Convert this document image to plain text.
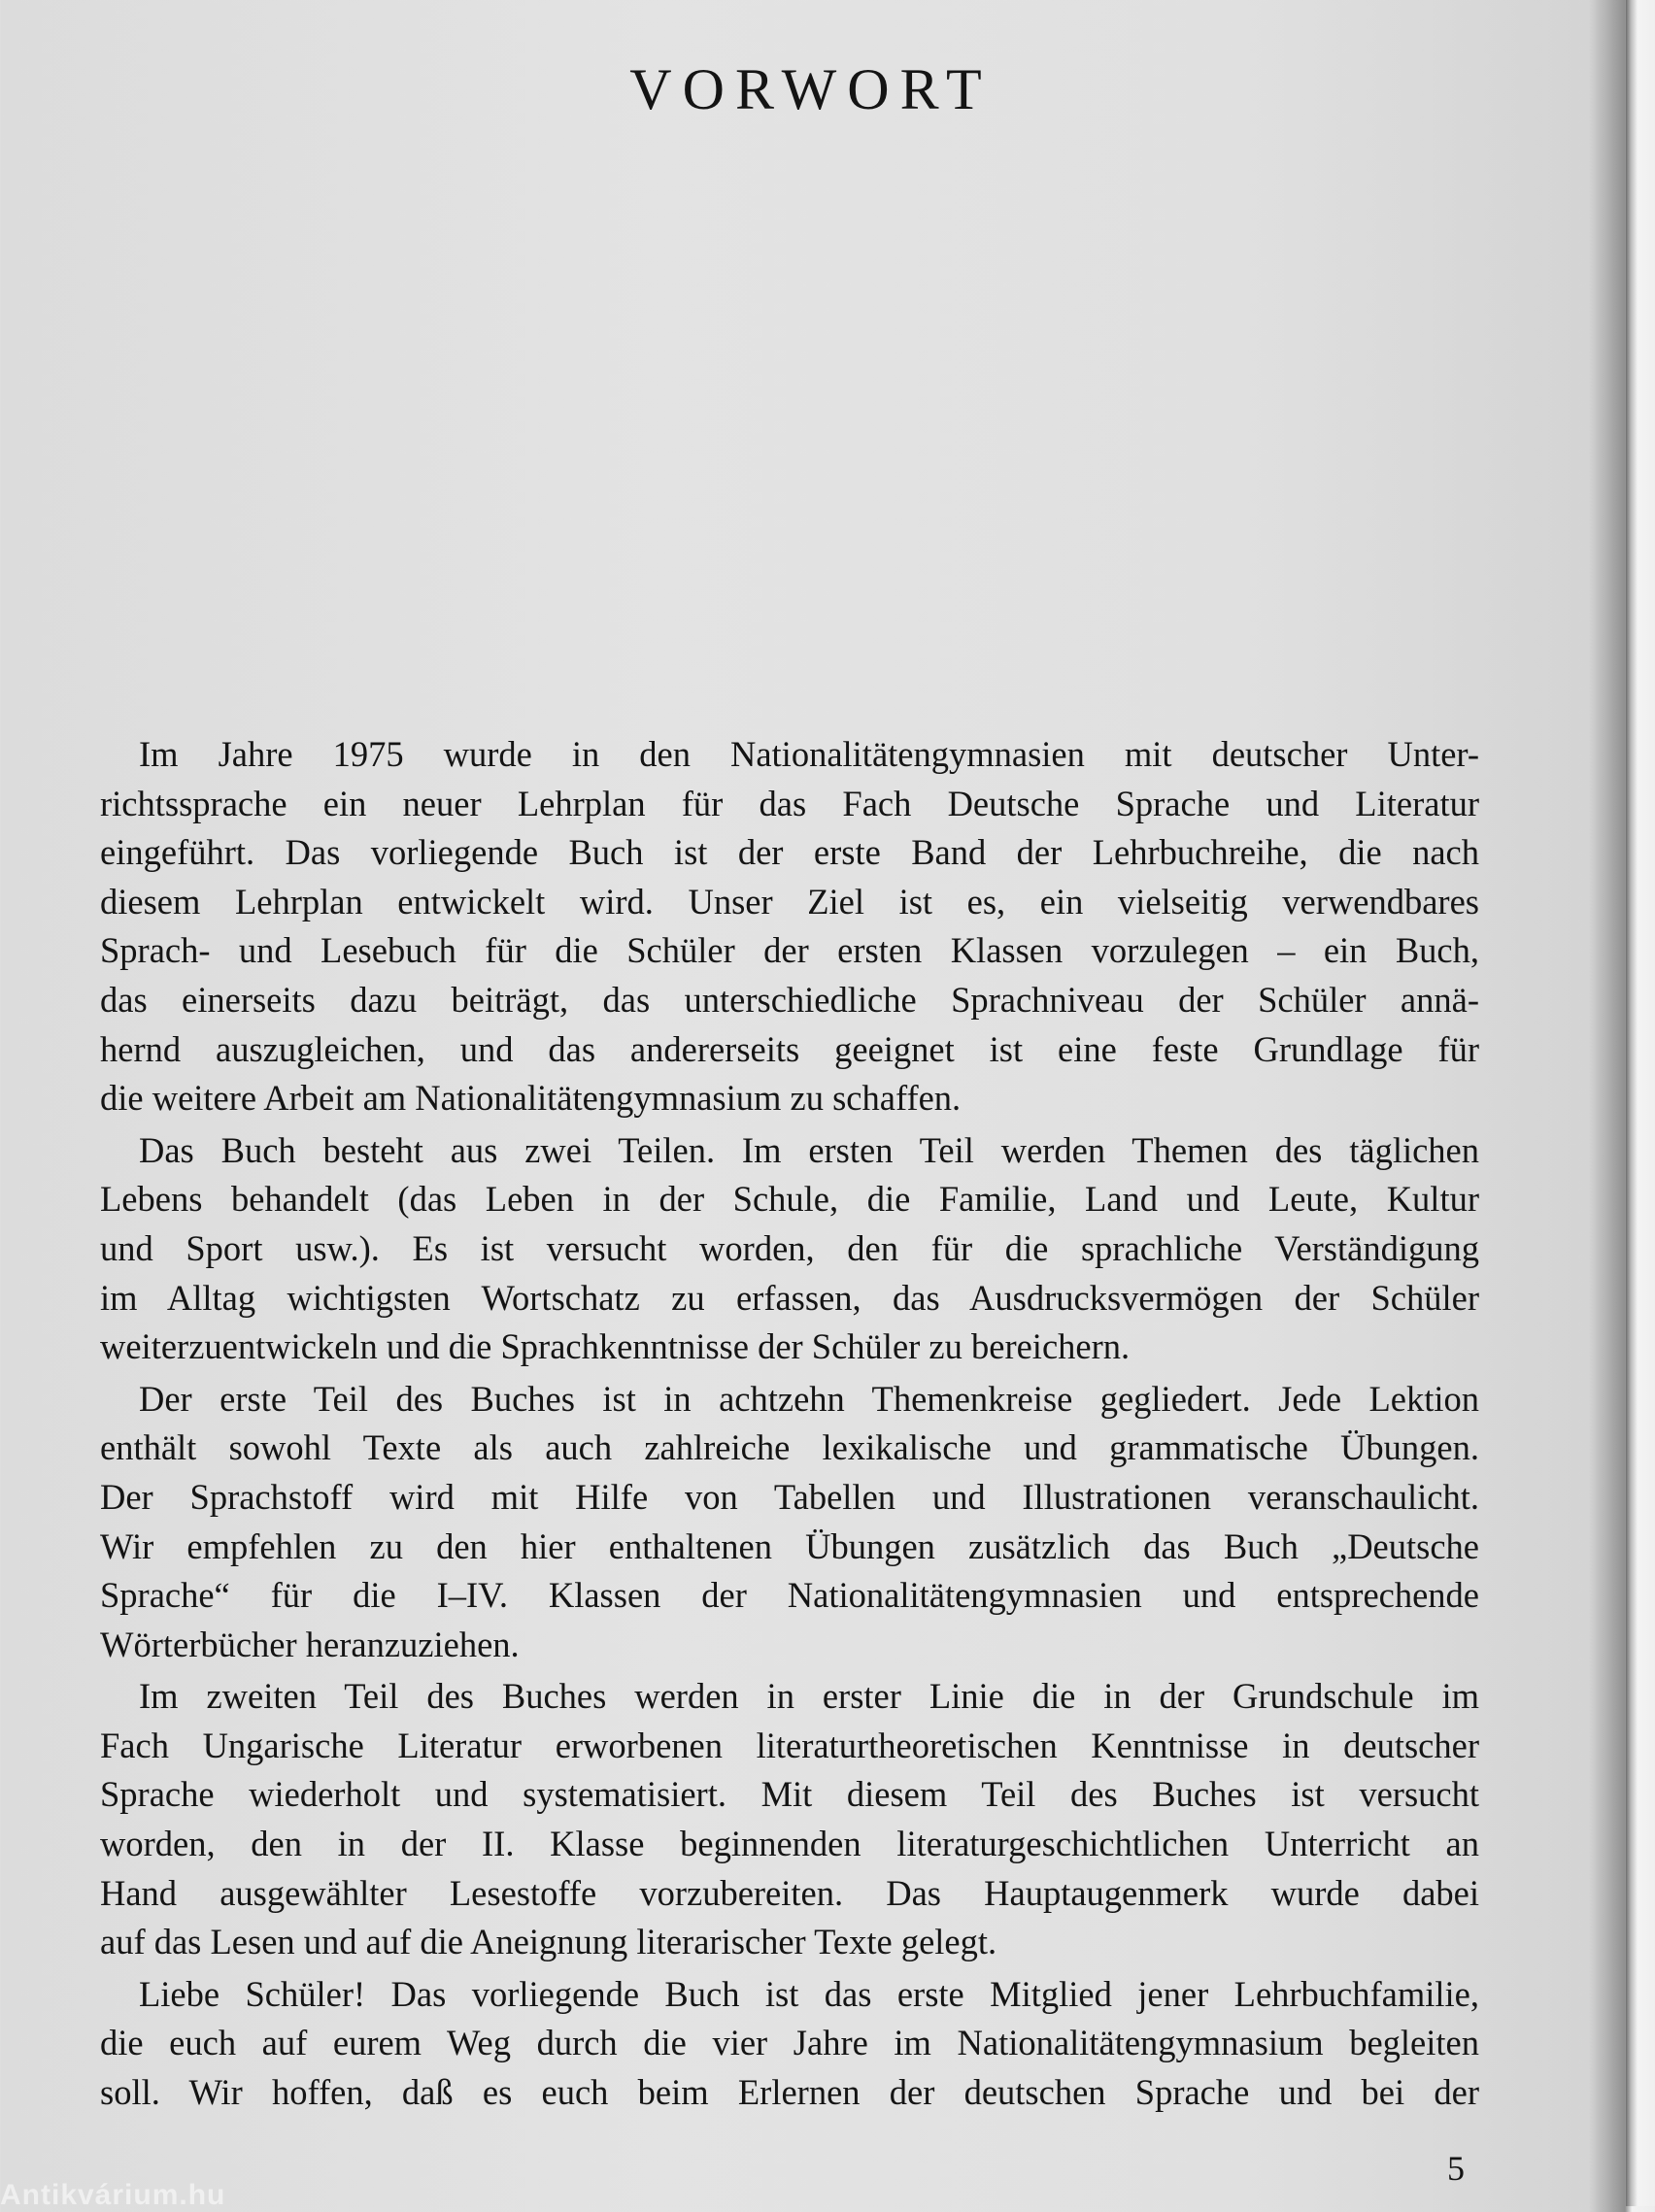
VORWORT

Im Jahre 1975 wurde in den Nationalitätengymnasien mit deutscher Unter-
richtssprache ein neuer Lehrplan für das Fach Deutsche Sprache und Literatur
eingeführt. Das vorliegende Buch ist der erste Band der Lehrbuchreihe, die nach
diesem Lehrplan entwickelt wird. Unser Ziel ist es, ein vielseitig verwendbares
Sprach- und Lesebuch für die Schüler der ersten Klassen vorzulegen – ein Buch,
das einerseits dazu beiträgt, das unterschiedliche Sprachniveau der Schüler annä-
hernd auszugleichen, und das andererseits geeignet ist eine feste Grundlage für
die weitere Arbeit am Nationalitätengymnasium zu schaffen.

Das Buch besteht aus zwei Teilen. Im ersten Teil werden Themen des täglichen
Lebens behandelt (das Leben in der Schule, die Familie, Land und Leute, Kultur
und Sport usw.). Es ist versucht worden, den für die sprachliche Verständigung
im Alltag wichtigsten Wortschatz zu erfassen, das Ausdrucksvermögen der Schüler
weiterzuentwickeln und die Sprachkenntnisse der Schüler zu bereichern.

Der erste Teil des Buches ist in achtzehn Themenkreise gegliedert. Jede Lektion
enthält sowohl Texte als auch zahlreiche lexikalische und grammatische Übungen.
Der Sprachstoff wird mit Hilfe von Tabellen und Illustrationen veranschaulicht.
Wir empfehlen zu den hier enthaltenen Übungen zusätzlich das Buch „Deutsche
Sprache“ für die I–IV. Klassen der Nationalitätengymnasien und entsprechende
Wörterbücher heranzuziehen.

Im zweiten Teil des Buches werden in erster Linie die in der Grundschule im
Fach Ungarische Literatur erworbenen literaturtheoretischen Kenntnisse in deutscher
Sprache wiederholt und systematisiert. Mit diesem Teil des Buches ist versucht
worden, den in der II. Klasse beginnenden literaturgeschichtlichen Unterricht an
Hand ausgewählter Lesestoffe vorzubereiten. Das Hauptaugenmerk wurde dabei
auf das Lesen und auf die Aneignung literarischer Texte gelegt.

Liebe Schüler! Das vorliegende Buch ist das erste Mitglied jener Lehrbuchfamilie,
die euch auf eurem Weg durch die vier Jahre im Nationalitätengymnasium begleiten
soll. Wir hoffen, daß es euch beim Erlernen der deutschen Sprache und bei der

5
Antikvárium.hu
